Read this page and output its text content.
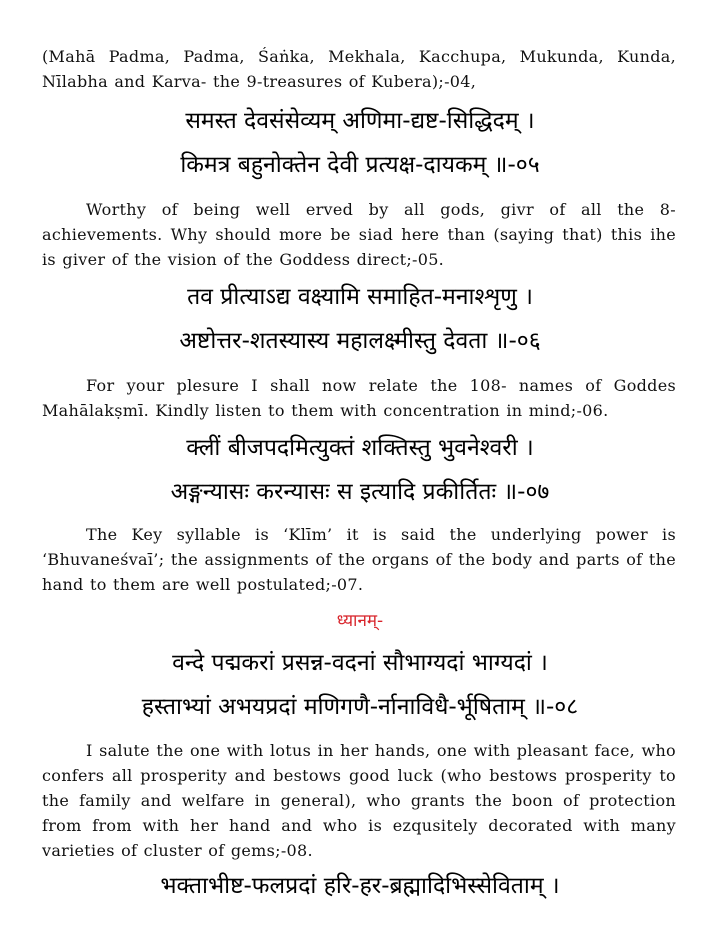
(Mahā Padma, Padma, Śaṅka, Mekhala, Kacchupa, Mukunda, Kunda, Nīlabha and Karva- the 9-treasures of Kubera);-04,

समस्त देवसंसेव्यम् अणिमा-द्यष्ट-सिद्धिदम् ।

किमत्र बहुनोक्तेन देवी प्रत्यक्ष-दायकम् ॥-०५

Worthy of being well erved by all gods, givr of all the 8-achievements. Why should more be siad here than (saying that) this ihe is giver of the vision of the Goddess direct;-05.

तव प्रीत्याऽद्य वक्ष्यामि समाहित-मनाश्शृणु ।

अष्टोत्तर-शतस्यास्य महालक्ष्मीस्तु देवता ॥-०६

For your plesure I shall now relate the 108- names of Goddes Mahālakṣmī. Kindly listen to them with concentration in mind;-06.

क्लीं बीजपदमित्युक्तं शक्तिस्तु भुवनेश्वरी ।

अङ्गन्यासः करन्यासः स इत्यादि प्रकीर्तितः ॥-०७

The Key syllable is ‘Klīm’ it is said the underlying power is ‘Bhuvaneśvaī’; the assignments of the organs of the body and parts of the hand to them are well postulated;-07.

ध्यानम्-

वन्दे पद्मकरां प्रसन्न-वदनां सौभाग्यदां भाग्यदां ।

हस्ताभ्यां अभयप्रदां मणिगणै-र्नानाविधै-र्भूषिताम् ॥-०८

I salute the one with lotus in her hands, one with pleasant face, who confers all prosperity and bestows good luck (who bestows prosperity to the family and welfare in general), who grants the boon of protection from from with her hand and who is ezqusitely decorated with many varieties of cluster of gems;-08.

भक्ताभीष्ट-फलप्रदां हरि-हर-ब्रह्मादिभिस्सेविताम् ।
